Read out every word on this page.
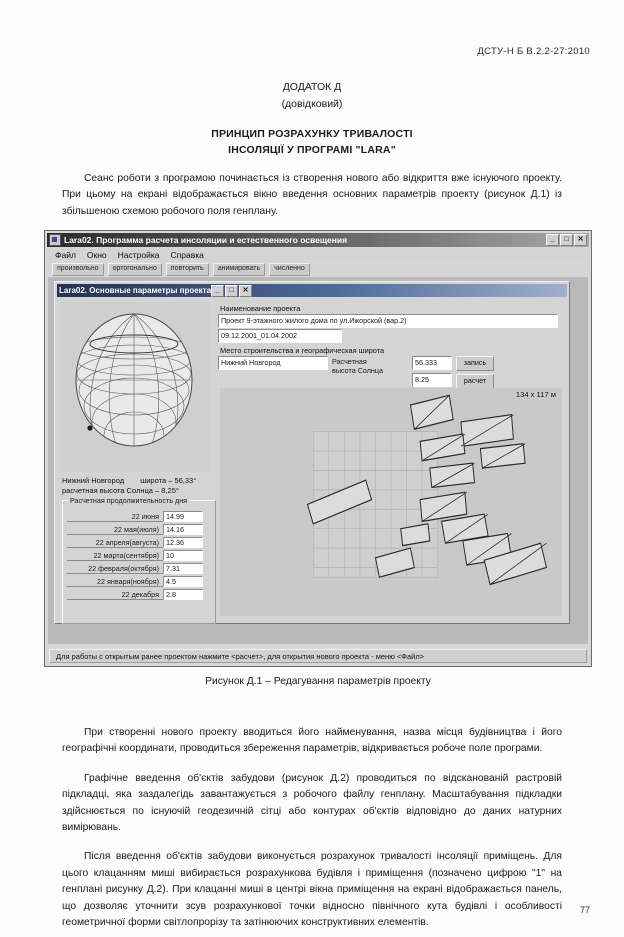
ДСТУ-Н Б В.2.2-27:2010
ДОДАТОК Д
(довідковий)
ПРИНЦИП РОЗРАХУНКУ ТРИВАЛОСТІ
ІНСОЛЯЦІЇ У ПРОГРАМІ "LARA"
Сеанс роботи з програмою починається із створення нового або відкриття вже існуючого проекту. При цьому на екрані відображається вікно введення основних параметрів проекту (рисунок Д.1) із збільшеною схемою робочого поля генплану.
Lara02. Программа расчета инсоляции и естественного освещения	_	□	✕
Файл Окно Настройка Справка
произвольно	ортогонально	повторить	анимировать	численно
Lara02. Основные параметры проекта _	□	✕
Нижний Новгород широта – 56,33°
расчетная высота Солнца – 8,25°
Расчетная продолжительность дня
22 июня 14.99
22 мая(июля) 14.16
22 апреля(августа) 12.36
22 марта(сентября) 10
22 февраля(октября) 7.31
22 января(ноября) 4.5
22 декабря 2.8
Наименование проекта
Проект 9-этажного жилого дома по ул.Ижорской (вар.2)
09.12.2001_01.04.2002
Место строительства и географическая широта
Нижний Новгород	Расчетная
высота Солнца
56.333
8.25
запись
расчет
134 х 117 м
Для работы с открытым ранее проектом нажмите <расчет>, для открытия нового проекта - меню <Файл>
Рисунок Д.1 – Редагування параметрів проекту
При створенні нового проекту вводиться його найменування, назва місця будівництва і його географічні координати, проводиться збереження параметрів, відкривається робоче поле програми.
Графічне введення об'єктів забудови (рисунок Д.2) проводиться по відсканованій растровій підкладці, яка заздалегідь завантажується з робочого файлу генплану. Масштабування підкладки здійснюється по існуючій геодезичній сітці або контурах об'єктів відповідно до даних натурних вимірювань.
Після введення об'єктів забудови виконується розрахунок тривалості інсоляції приміщень. Для цього клацанням миші вибирається розрахункова будівля і приміщення (позначено цифрою "1" на генплані рисунку Д.2). При клацанні миші в центрі вікна приміщення на екрані відображається панель, що дозволяє уточнити зсув розрахункової точки відносно північного кута будівлі і особливості геометричної форми світлопрорізу та затінюючих конструктивних елементів.
77
